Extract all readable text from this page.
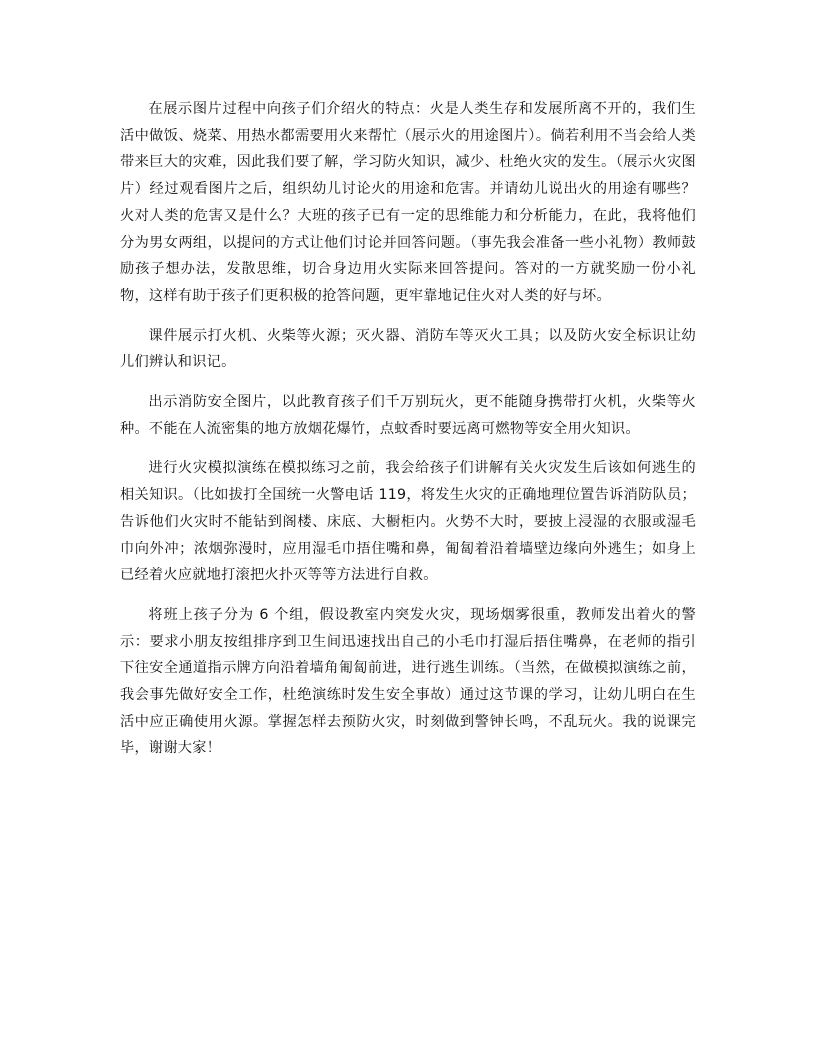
在展示图片过程中向孩子们介绍火的特点：火是人类生存和发展所离不开的，我们生活中做饭、烧菜、用热水都需要用火来帮忙（展示火的用途图片）。倘若利用不当会给人类带来巨大的灾难，因此我们要了解，学习防火知识，减少、杜绝火灾的发生。（展示火灾图片）经过观看图片之后，组织幼儿讨论火的用途和危害。并请幼儿说出火的用途有哪些？火对人类的危害又是什么？大班的孩子已有一定的思维能力和分析能力，在此，我将他们分为男女两组，以提问的方式让他们讨论并回答问题。（事先我会准备一些小礼物）教师鼓励孩子想办法，发散思维，切合身边用火实际来回答提问。答对的一方就奖励一份小礼物，这样有助于孩子们更积极的抢答问题，更牢靠地记住火对人类的好与坏。

课件展示打火机、火柴等火源；灭火器、消防车等灭火工具；以及防火安全标识让幼儿们辨认和识记。

出示消防安全图片，以此教育孩子们千万别玩火，更不能随身携带打火机，火柴等火种。不能在人流密集的地方放烟花爆竹，点蚊香时要远离可燃物等安全用火知识。

进行火灾模拟演练在模拟练习之前，我会给孩子们讲解有关火灾发生后该如何逃生的相关知识。（比如拔打全国统一火警电话 119，将发生火灾的正确地理位置告诉消防队员；告诉他们火灾时不能钻到阁楼、床底、大橱柜内。火势不大时，要披上浸湿的衣服或湿毛巾向外冲；浓烟弥漫时，应用湿毛巾捂住嘴和鼻，匍匐着沿着墙壁边缘向外逃生；如身上已经着火应就地打滚把火扑灭等等方法进行自救。

将班上孩子分为 6 个组，假设教室内突发火灾，现场烟雾很重，教师发出着火的警示：要求小朋友按组排序到卫生间迅速找出自己的小毛巾打湿后捂住嘴鼻，在老师的指引下往安全通道指示牌方向沿着墙角匍匐前进，进行逃生训练。（当然，在做模拟演练之前，我会事先做好安全工作，杜绝演练时发生安全事故）通过这节课的学习，让幼儿明白在生活中应正确使用火源。掌握怎样去预防火灾，时刻做到警钟长鸣，不乱玩火。我的说课完毕，谢谢大家！
